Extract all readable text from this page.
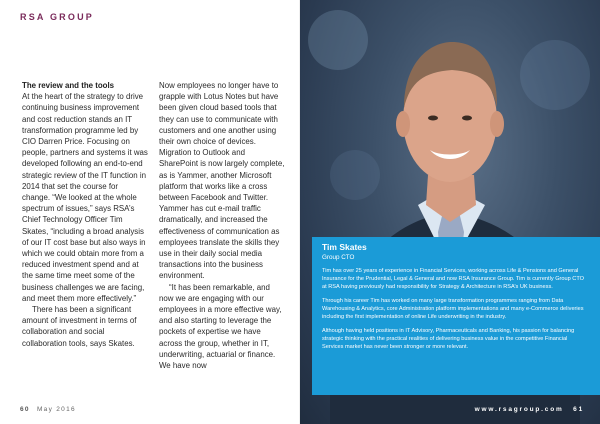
RSA GROUP

The review and the tools

At the heart of the strategy to drive continuing business improvement and cost reduction stands an IT transformation programme led by CIO Darren Price. Focusing on people, partners and systems it was developed following an end-to-end strategic review of the IT function in 2014 that set the course for change. “We looked at the whole spectrum of issues,” says RSA’s Chief Technology Officer Tim Skates, “including a broad analysis of our IT cost base but also ways in which we could obtain more from a reduced investment spend and at the same time meet some of the business challenges we are facing, and meet them more effectively.”

There has been a significant amount of investment in terms of collaboration and social collaboration tools, says Skates.

Now employees no longer have to grapple with Lotus Notes but have been given cloud based tools that they can use to communicate with customers and one another using their own choice of devices. Migration to Outlook and SharePoint is now largely complete, as is Yammer, another Microsoft platform that works like a cross between Facebook and Twitter. Yammer has cut e-mail traffic dramatically, and increased the effectiveness of communication as employees translate the skills they use in their daily social media transactions into the business environment.

“It has been remarkable, and now we are engaging with our employees in a more effective way, and also starting to leverage the pockets of expertise we have across the group, whether in IT, underwriting, actuarial or finance. We have now

60 May 2016
Tim Skates
Group CTO

Tim has over 25 years of experience in Financial Services, working across Life & Pensions and General Insurance for the Prudential, Legal & General and now RSA Insurance Group. Tim is currently Group CTO at RSA having previously had responsibility for Strategy & Architecture in RSA’s UK business.

Through his career Tim has worked on many large transformation programmes ranging from Data Warehousing & Analytics, core Administration platform implementations and many e-Commerce deliveries including the first implementation of online Life underwriting in the industry.

Although having held positions in IT Advisory, Pharmaceuticals and Banking, his passion for balancing strategic thinking with the practical realities of delivering business value in the competitive Financial Services market has never been stronger or more relevant.

www.rsagroup.com 61
